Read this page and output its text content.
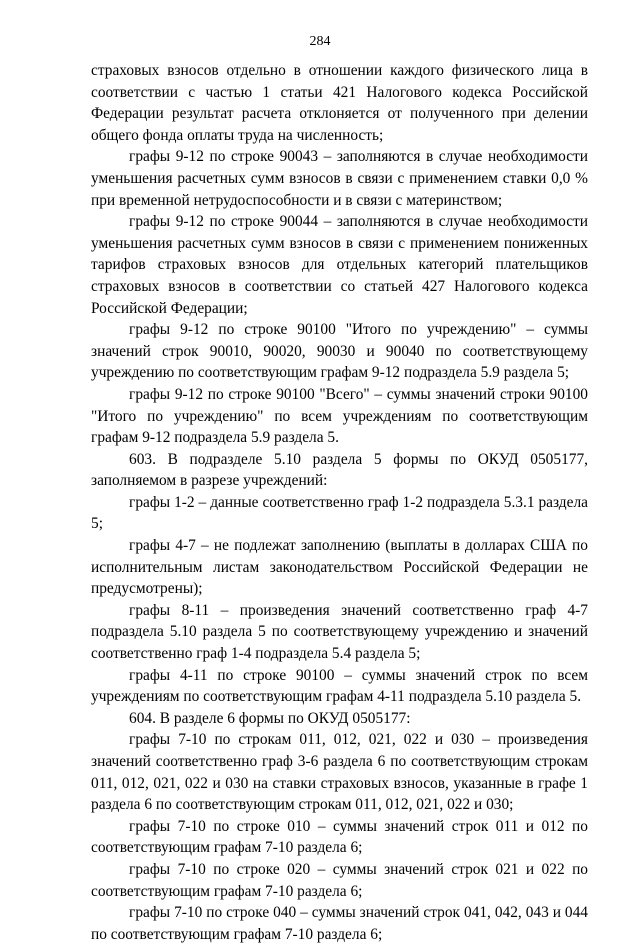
284

страховых взносов отдельно в отношении каждого физического лица в соответствии с частью 1 статьи 421 Налогового кодекса Российской Федерации результат расчета отклоняется от полученного при делении общего фонда оплаты труда на численность;

графы 9-12 по строке 90043 – заполняются в случае необходимости уменьшения расчетных сумм взносов в связи с применением ставки 0,0 % при временной нетрудоспособности и в связи с материнством;

графы 9-12 по строке 90044 – заполняются в случае необходимости уменьшения расчетных сумм взносов в связи с применением пониженных тарифов страховых взносов для отдельных категорий плательщиков страховых взносов в соответствии со статьей 427 Налогового кодекса Российской Федерации;

графы 9-12 по строке 90100 "Итого по учреждению" – суммы значений строк 90010, 90020, 90030 и 90040 по соответствующему учреждению по соответствующим графам 9-12 подраздела 5.9 раздела 5;

графы 9-12 по строке 90100 "Всего" – суммы значений строки 90100 "Итого по учреждению" по всем учреждениям по соответствующим графам 9-12 подраздела 5.9 раздела 5.

603. В подразделе 5.10 раздела 5 формы по ОКУД 0505177, заполняемом в разрезе учреждений:

графы 1-2 – данные соответственно граф 1-2 подраздела 5.3.1 раздела 5;

графы 4-7 – не подлежат заполнению (выплаты в долларах США по исполнительным листам законодательством Российской Федерации не предусмотрены);

графы 8-11 – произведения значений соответственно граф 4-7 подраздела 5.10 раздела 5 по соответствующему учреждению и значений соответственно граф 1-4 подраздела 5.4 раздела 5;

графы 4-11 по строке 90100 – суммы значений строк по всем учреждениям по соответствующим графам 4-11 подраздела 5.10 раздела 5.

604. В разделе 6 формы по ОКУД 0505177:

графы 7-10 по строкам 011, 012, 021, 022 и 030 – произведения значений соответственно граф 3-6 раздела 6 по соответствующим строкам 011, 012, 021, 022 и 030 на ставки страховых взносов, указанные в графе 1 раздела 6 по соответствующим строкам 011, 012, 021, 022 и 030;

графы 7-10 по строке 010 – суммы значений строк 011 и 012 по соответствующим графам 7-10 раздела 6;

графы 7-10 по строке 020 – суммы значений строк 021 и 022 по соответствующим графам 7-10 раздела 6;

графы 7-10 по строке 040 – суммы значений строк 041, 042, 043 и 044 по соответствующим графам 7-10 раздела 6;
